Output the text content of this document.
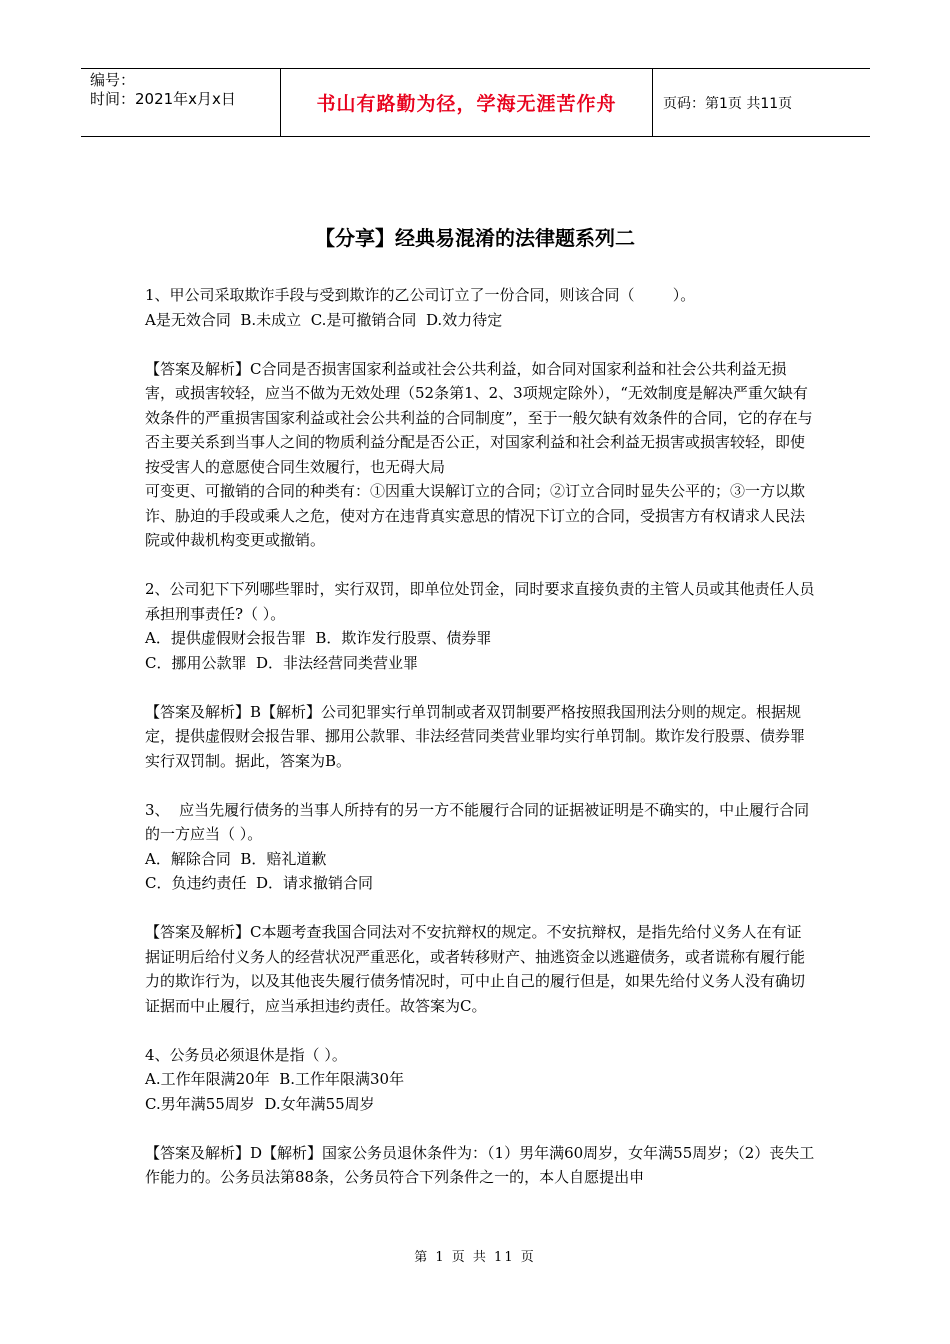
编号：
时间：2021年x月x日	书山有路勤为径，学海无涯苦作舟	页码：第1页 共11页
【分享】经典易混淆的法律题系列二
1、甲公司采取欺诈手段与受到欺诈的乙公司订立了一份合同，则该合同（        ）。
A是无效合同  B.未成立  C.是可撤销合同  D.效力待定
【答案及解析】C合同是否损害国家利益或社会公共利益，如合同对国家利益和社会公共利益无损害，或损害较轻，应当不做为无效处理（52条第1、2、3项规定除外），“无效制度是解决严重欠缺有效条件的严重损害国家利益或社会公共利益的合同制度”，至于一般欠缺有效条件的合同，它的存在与否主要关系到当事人之间的物质利益分配是否公正，对国家利益和社会利益无损害或损害较轻，即使按受害人的意愿使合同生效履行，也无碍大局
可变更、可撤销的合同的种类有：①因重大误解订立的合同；②订立合同时显失公平的；③一方以欺诈、胁迫的手段或乘人之危，使对方在违背真实意思的情况下订立的合同，受损害方有权请求人民法院或仲裁机构变更或撤销。
2、公司犯下下列哪些罪时，实行双罚，即单位处罚金，同时要求直接负责的主管人员或其他责任人员承担刑事责任?（ ）。
A．提供虚假财会报告罪  B．欺诈发行股票、债券罪
C．挪用公款罪  D．非法经营同类营业罪
【答案及解析】B【解析】公司犯罪实行单罚制或者双罚制要严格按照我国刑法分则的规定。根据规定，提供虚假财会报告罪、挪用公款罪、非法经营同类营业罪均实行单罚制。欺诈发行股票、债券罪实行双罚制。据此，答案为B。
3、  应当先履行债务的当事人所持有的另一方不能履行合同的证据被证明是不确实的，中止履行合同的一方应当（ ）。
A．解除合同  B．赔礼道歉
C．负违约责任  D．请求撤销合同
【答案及解析】C本题考查我国合同法对不安抗辩权的规定。不安抗辩权，是指先给付义务人在有证据证明后给付义务人的经营状况严重恶化，或者转移财产、抽逃资金以逃避债务，或者谎称有履行能力的欺诈行为，以及其他丧失履行债务情况时，可中止自己的履行但是，如果先给付义务人没有确切证据而中止履行，应当承担违约责任。故答案为C。
4、公务员必须退休是指（ ）。
A.工作年限满20年  B.工作年限满30年
C.男年满55周岁  D.女年满55周岁
【答案及解析】D【解析】国家公务员退休条件为：（1）男年满60周岁，女年满55周岁；（2）丧失工作能力的。公务员法第88条，公务员符合下列条件之一的，本人自愿提出申
第 1 页 共 11 页
